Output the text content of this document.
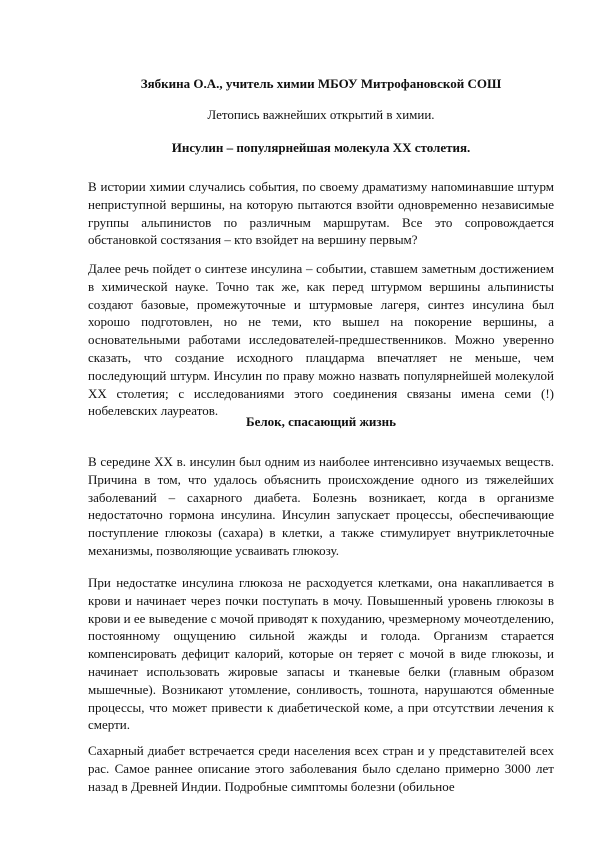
Зябкина О.А., учитель химии МБОУ Митрофановской СОШ
Летопись важнейших открытий в химии.
Инсулин – популярнейшая молекула XX столетия.

В истории химии случались события, по своему драматизму напоминавшие штурм неприступной вершины, на которую пытаются взойти одновременно независимые группы альпинистов по различным маршрутам. Все это сопровождается обстановкой состязания – кто взойдет на вершину первым?

Далее речь пойдет о синтезе инсулина – событии, ставшем заметным достижением в химической науке. Точно так же, как перед штурмом вершины альпинисты создают базовые, промежуточные и штурмовые лагеря, синтез инсулина был хорошо подготовлен, но не теми, кто вышел на покорение вершины, а основательными работами исследователей-предшественников. Можно уверенно сказать, что создание исходного плацдарма впечатляет не меньше, чем последующий штурм. Инсулин по праву можно назвать популярнейшей молекулой XX столетия; с исследованиями этого соединения связаны имена семи (!) нобелевских лауреатов.

Белок, спасающий жизнь

В середине XX в. инсулин был одним из наиболее интенсивно изучаемых веществ. Причина в том, что удалось объяснить происхождение одного из тяжелейших заболеваний – сахарного диабета. Болезнь возникает, когда в организме недостаточно гормона инсулина. Инсулин запускает процессы, обеспечивающие поступление глюкозы (сахара) в клетки, а также стимулирует внутриклеточные механизмы, позволяющие усваивать глюкозу.

При недостатке инсулина глюкоза не расходуется клетками, она накапливается в крови и начинает через почки поступать в мочу. Повышенный уровень глюкозы в крови и ее выведение с мочой приводят к похуданию, чрезмерному мочеотделению, постоянному ощущению сильной жажды и голода. Организм старается компенсировать дефицит калорий, которые он теряет с мочой в виде глюкозы, и начинает использовать жировые запасы и тканевые белки (главным образом мышечные). Возникают утомление, сонливость, тошнота, нарушаются обменные процессы, что может привести к диабетической коме, а при отсутствии лечения к смерти.

Сахарный диабет встречается среди населения всех стран и у представителей всех рас. Самое раннее описание этого заболевания было сделано примерно 3000 лет назад в Древней Индии. Подробные симптомы болезни (обильное
